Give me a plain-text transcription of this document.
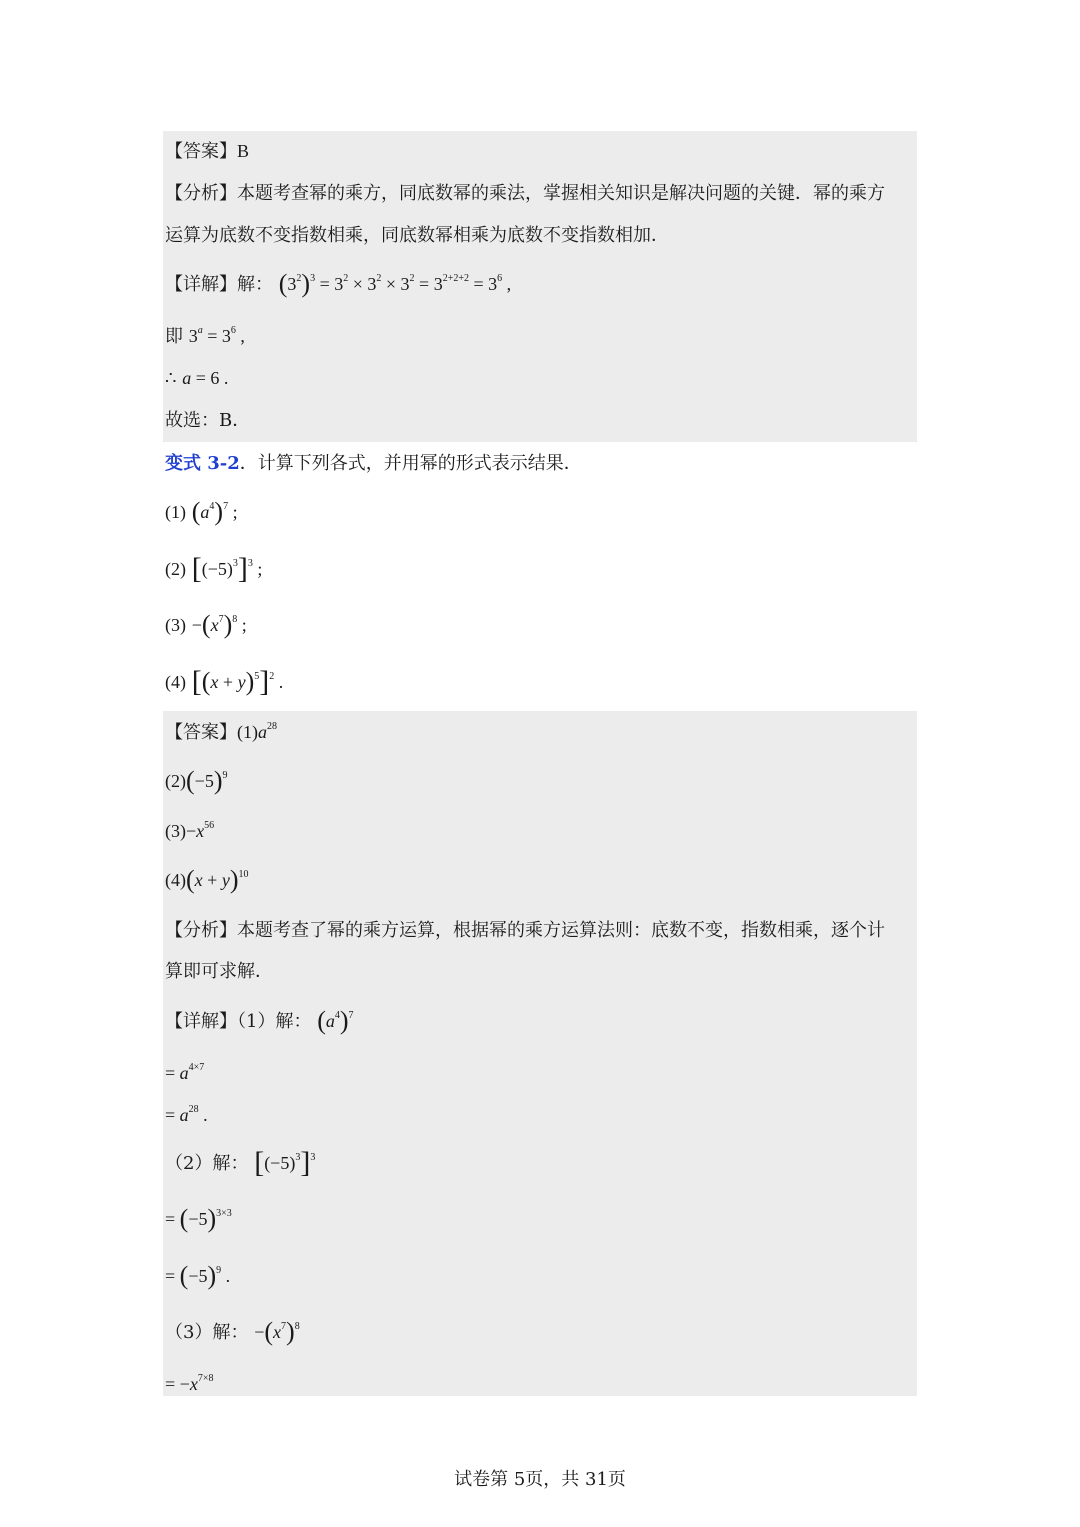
【答案】B
【分析】本题考查幂的乘方，同底数幂的乘法，掌握相关知识是解决问题的关键．幂的乘方
运算为底数不变指数相乘，同底数幂相乘为底数不变指数相加．
【详解】解： $(3^2)^3 = 3^2 \times 3^2 \times 3^2 = 3^{2+2+2} = 3^6$ ,
即 $3^a = 3^6$ ,
∴ a = 6 .
故选：B．
变式 3-2．计算下列各式，并用幂的形式表示结果．
(1) $(a^4)^7$ ;
(2) $[(-5)^3]^3$ ;
$(3) -(x^7)^8$ ;
(4) $[(x + y)^5]^2$ .
【答案】$(1)a^{28}$
$(2)(-5)^9$
$(3)-x^{56}$
$(4)(x + y)^{10}$
【分析】本题考查了幂的乘方运算，根据幂的乘方运算法则：底数不变，指数相乘，逐个计
算即可求解．
【详解】（1）解： $(a^4)^7$
= $a^{4\times 7}$
= $a^{28}$ .
（2）解： $[(-5)^3]^3$
= $(-5)^{3\times 3}$
= $(-5)^9$ .
（3）解： $-(x^7)^8$
= $-x^{7\times 8}$
试卷第 5页，共 31页
